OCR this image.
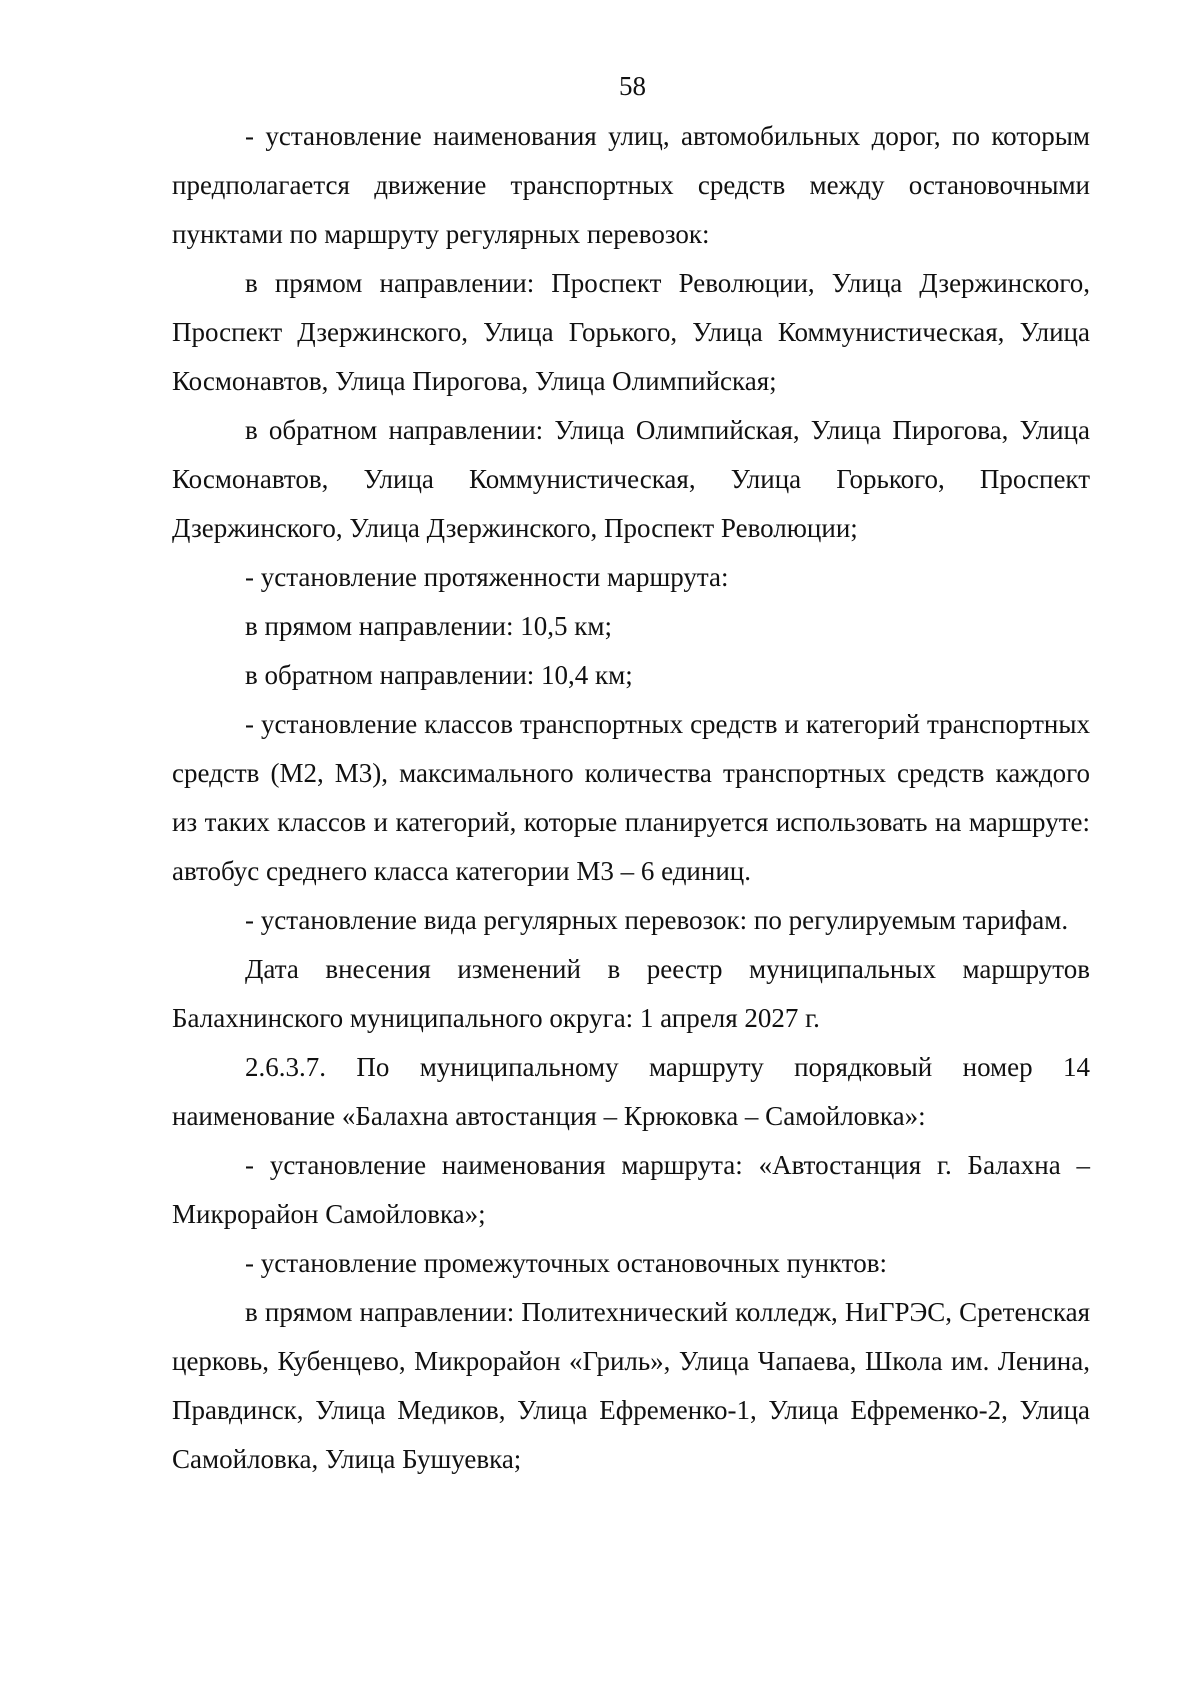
58

- установление наименования улиц, автомобильных дорог, по которым предполагается движение транспортных средств между остановочными пунктами по маршруту регулярных перевозок:

в прямом направлении: Проспект Революции, Улица Дзержинского, Проспект Дзержинского, Улица Горького, Улица Коммунистическая, Улица Космонавтов, Улица Пирогова, Улица Олимпийская;

в обратном направлении: Улица Олимпийская, Улица Пирогова, Улица Космонавтов, Улица Коммунистическая, Улица Горького, Проспект Дзержинского, Улица Дзержинского, Проспект Революции;

- установление протяженности маршрута:

в прямом направлении: 10,5 км;

в обратном направлении: 10,4 км;

- установление классов транспортных средств и категорий транспортных средств (М2, М3), максимального количества транспортных средств каждого из таких классов и категорий, которые планируется использовать на маршруте: автобус среднего класса категории М3 – 6 единиц.

- установление вида регулярных перевозок: по регулируемым тарифам.

Дата внесения изменений в реестр муниципальных маршрутов Балахнинского муниципального округа: 1 апреля 2027 г.

2.6.3.7. По муниципальному маршруту порядковый номер 14 наименование «Балахна автостанция – Крюковка – Самойловка»:

- установление наименования маршрута: «Автостанция г. Балахна – Микрорайон Самойловка»;

- установление промежуточных остановочных пунктов:

в прямом направлении: Политехнический колледж, НиГРЭС, Сретенская церковь, Кубенцево, Микрорайон «Гриль», Улица Чапаева, Школа им. Ленина, Правдинск, Улица Медиков, Улица Ефременко-1, Улица Ефременко-2, Улица Самойловка, Улица Бушуевка;
